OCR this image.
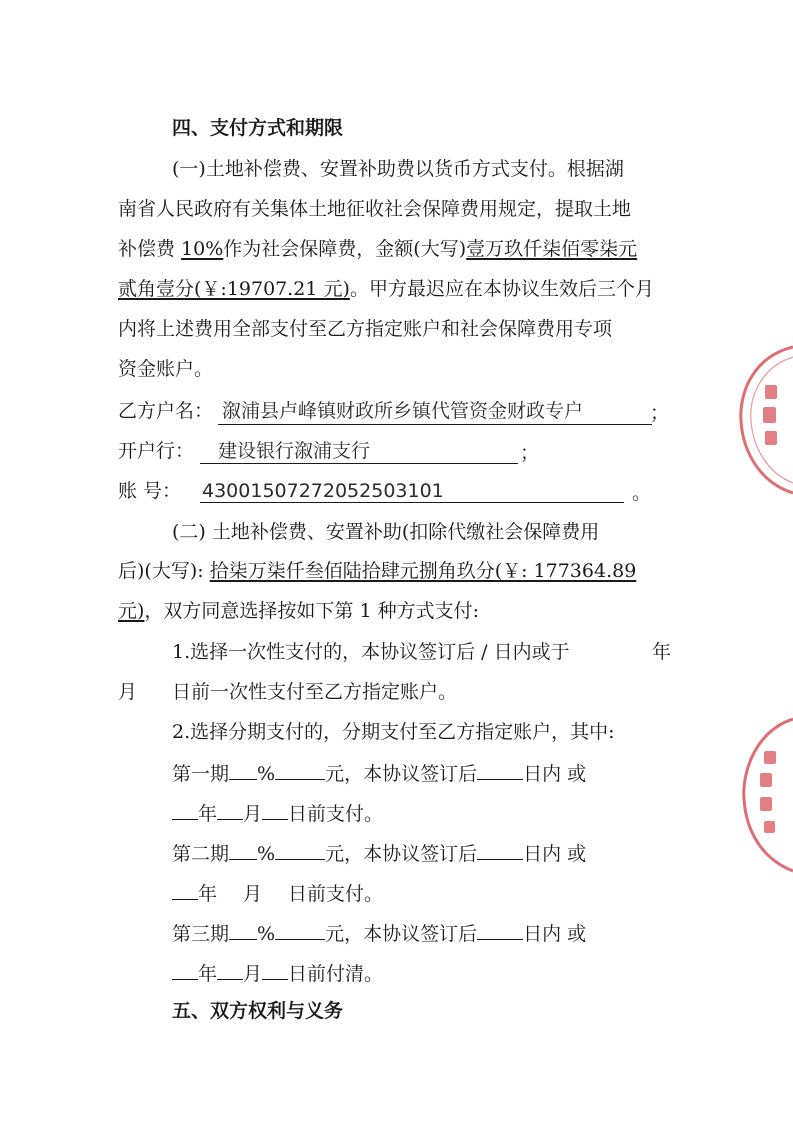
四、支付方式和期限
(一)土地补偿费、安置补助费以货币方式支付。根据湖
南省人民政府有关集体土地征收社会保障费用规定，提取土地
补偿费 10%作为社会保障费，金额(大写)壹万玖仟柒佰零柒元
贰角壹分(￥:19707.21 元)。甲方最迟应在本协议生效后三个月
内将上述费用全部支付至乙方指定账户和社会保障费用专项
资金账户。
乙方户名： 溆浦县卢峰镇财政所乡镇代管资金财政专户	；
开户行： 建设银行溆浦支行	；
账 号： 43001507272052503101	。
(二) 土地补偿费、安置补助(扣除代缴社会保障费用
后)(大写): 拾柒万柒仟叁佰陆拾肆元捌角玖分(￥: 177364.89
元)，双方同意选择按如下第 1 种方式支付:
1.选择一次性支付的，本协议签订后 / 日内或于	年
月 日前一次性支付至乙方指定账户。
2.选择分期支付的，分期支付至乙方指定账户，其中:
第一期 %	元，本协议签订后 日内 或
年 月 日前支付。
第二期 %	元，本协议签订后 日内 或
年 月 日前支付。
第三期 %	元，本协议签订后 日内 或
年 月 日前付清。
五、双方权利与义务
